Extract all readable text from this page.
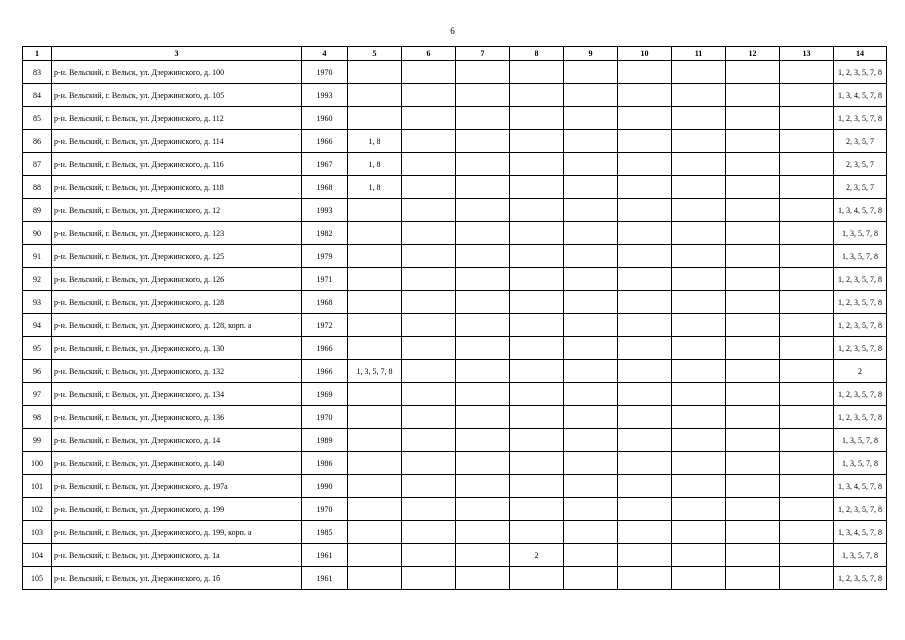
6
1	3	4	5	6	7	8	9	10	11	12	13	14
83	р-н. Вельский, г. Вельск, ул. Дзержинского, д. 100	1970										1, 2, 3, 5, 7, 8
84	р-н. Вельский, г. Вельск, ул. Дзержинского, д. 105	1993										1, 3, 4, 5, 7, 8
85	р-н. Вельский, г. Вельск, ул. Дзержинского, д. 112	1960										1, 2, 3, 5, 7, 8
86	р-н. Вельский, г. Вельск, ул. Дзержинского, д. 114	1966	1, 8									2, 3, 5, 7
87	р-н. Вельский, г. Вельск, ул. Дзержинского, д. 116	1967	1, 8									2, 3, 5, 7
88	р-н. Вельский, г. Вельск, ул. Дзержинского, д. 118	1968	1, 8									2, 3, 5, 7
89	р-н. Вельский, г. Вельск, ул. Дзержинского, д. 12	1993										1, 3, 4, 5, 7, 8
90	р-н. Вельский, г. Вельск, ул. Дзержинского, д. 123	1982										1, 3, 5, 7, 8
91	р-н. Вельский, г. Вельск, ул. Дзержинского, д. 125	1979										1, 3, 5, 7, 8
92	р-н. Вельский, г. Вельск, ул. Дзержинского, д. 126	1971										1, 2, 3, 5, 7, 8
93	р-н. Вельский, г. Вельск, ул. Дзержинского, д. 128	1968										1, 2, 3, 5, 7, 8
94	р-н. Вельский, г. Вельск, ул. Дзержинского, д. 128, корп. а	1972										1, 2, 3, 5, 7, 8
95	р-н. Вельский, г. Вельск, ул. Дзержинского, д. 130	1966										1, 2, 3, 5, 7, 8
96	р-н. Вельский, г. Вельск, ул. Дзержинского, д. 132	1966	1, 3, 5, 7, 8									2
97	р-н. Вельский, г. Вельск, ул. Дзержинского, д. 134	1969										1, 2, 3, 5, 7, 8
98	р-н. Вельский, г. Вельск, ул. Дзержинского, д. 136	1970										1, 2, 3, 5, 7, 8
99	р-н. Вельский, г. Вельск, ул. Дзержинского, д. 14	1989										1, 3, 5, 7, 8
100	р-н. Вельский, г. Вельск, ул. Дзержинского, д. 140	1986										1, 3, 5, 7, 8
101	р-н. Вельский, г. Вельск, ул. Дзержинского, д. 197а	1990										1, 3, 4, 5, 7, 8
102	р-н. Вельский, г. Вельск, ул. Дзержинского, д. 199	1970										1, 2, 3, 5, 7, 8
103	р-н. Вельский, г. Вельск, ул. Дзержинского, д. 199, корп. а	1985										1, 3, 4, 5, 7, 8
104	р-н. Вельский, г. Вельск, ул. Дзержинского, д. 1а	1961				2						1, 3, 5, 7, 8
105	р-н. Вельский, г. Вельск, ул. Дзержинского, д. 1б	1961										1, 2, 3, 5, 7, 8
